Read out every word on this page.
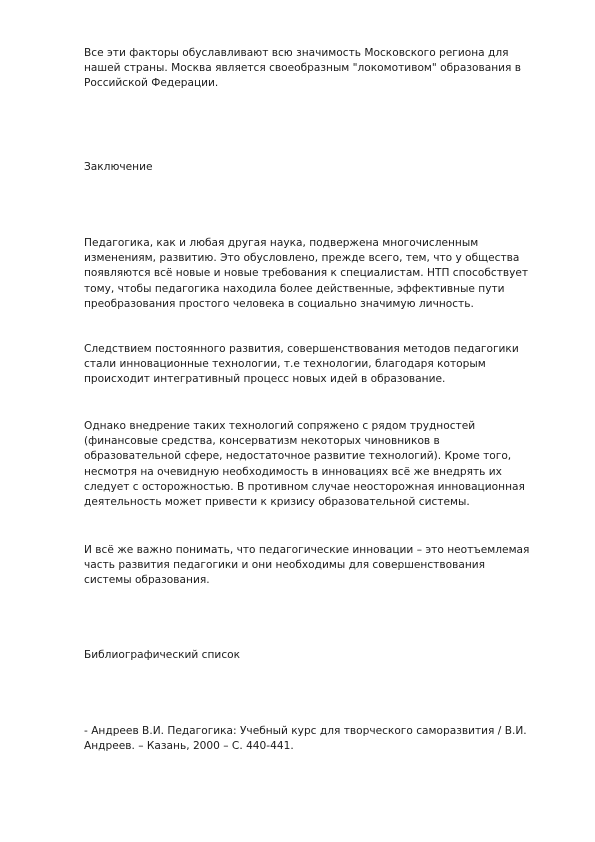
Все эти факторы обуславливают всю значимость Московского региона для
нашей страны. Москва является своеобразным "локомотивом" образования в
Российской Федерации.
Заключение
Педагогика, как и любая другая наука, подвержена многочисленным
изменениям, развитию. Это обусловлено, прежде всего, тем, что у общества
появляются всё новые и новые требования к специалистам. НТП способствует
тому, чтобы педагогика находила более действенные, эффективные пути
преобразования простого человека в социально значимую личность.
Следствием постоянного развития, совершенствования методов педагогики
стали инновационные технологии, т.е технологии, благодаря которым
происходит интегративный процесс новых идей в образование.
Однако внедрение таких технологий сопряжено с рядом трудностей
(финансовые средства, консерватизм некоторых чиновников в
образовательной сфере, недостаточное развитие технологий). Кроме того,
несмотря на очевидную необходимость в инновациях всё же внедрять их
следует с осторожностью. В противном случае неосторожная инновационная
деятельность может привести к кризису образовательной системы.
И всё же важно понимать, что педагогические инновации – это неотъемлемая
часть развития педагогики и они необходимы для совершенствования
системы образования.
Библиографический список
- Андреев В.И. Педагогика: Учебный курс для творческого саморазвития / В.И.
Андреев. – Казань, 2000 – С. 440-441.
